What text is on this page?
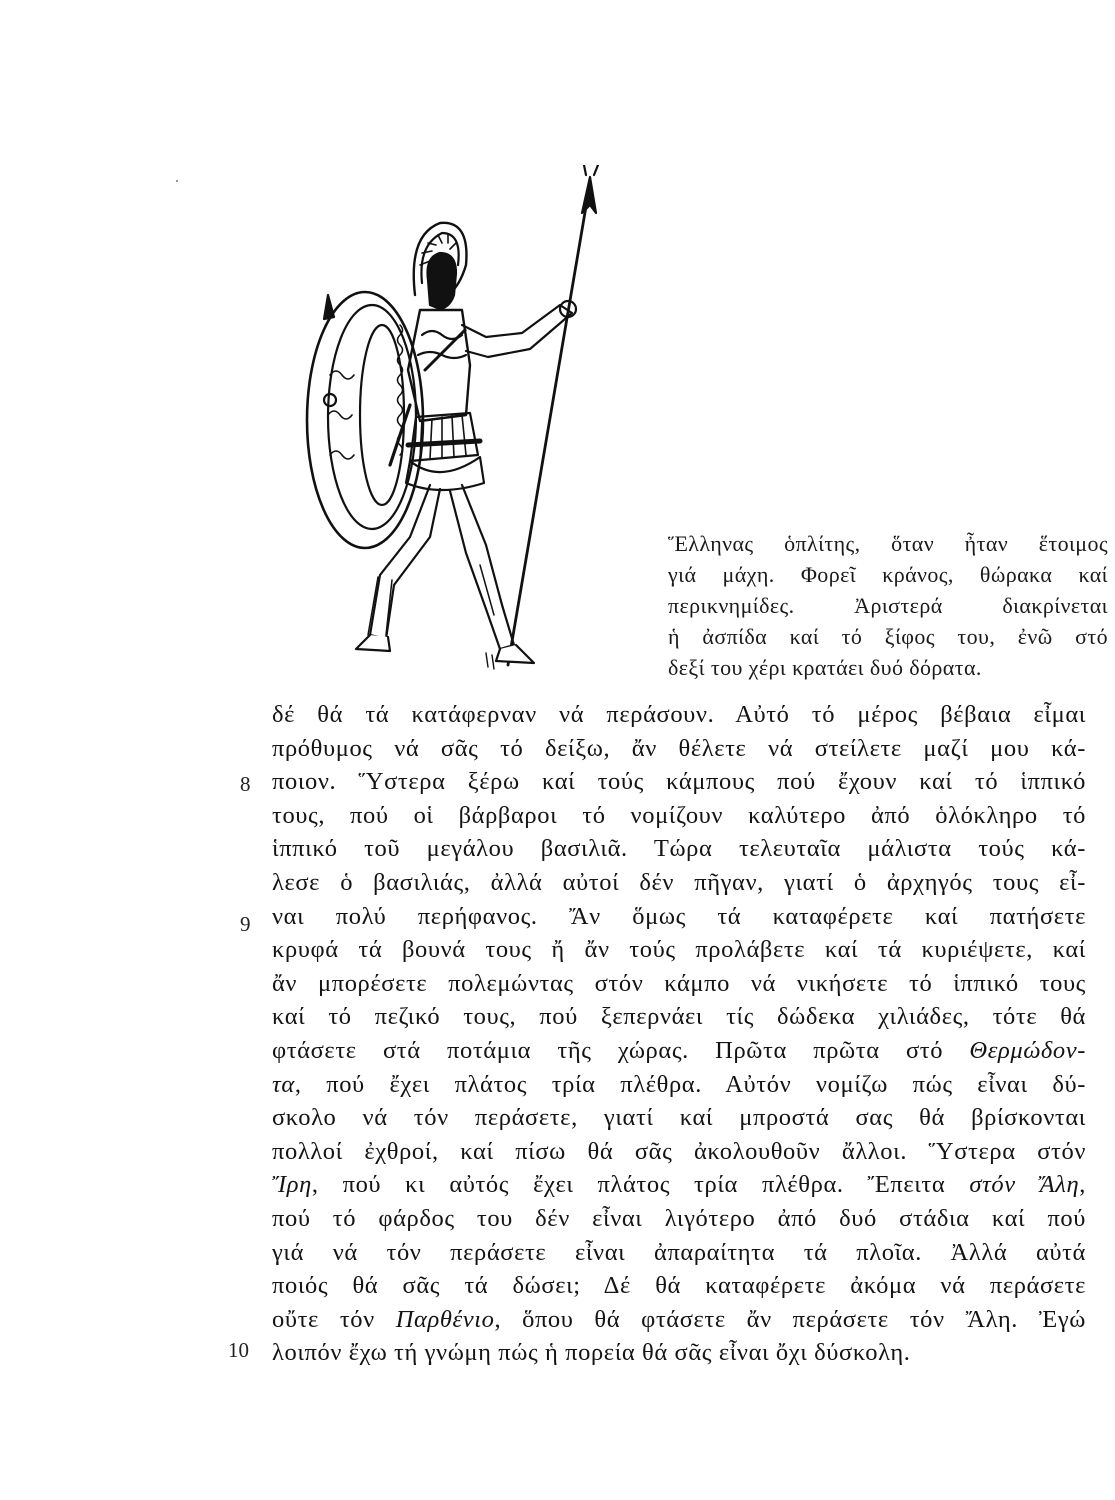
Ἕλληνας ὁπλίτης, ὅταν ἦταν ἕτοιμος
γιά μάχη. Φορεῖ κράνος, θώρακα καί
περικνημίδες. Ἀριστερά διακρίνεται
ἡ ἀσπίδα καί τό ξίφος του, ἐνῶ στό
δεξί του χέρι κρατάει δυό δόρατα.
8
9
10
δέ θά τά κατάφερναν νά περάσουν. Αὐτό τό μέρος βέβαια εἶμαι
πρόθυμος νά σᾶς τό δείξω, ἄν θέλετε νά στείλετε μαζί μου κά-
ποιον. Ὕστερα ξέρω καί τούς κάμπους πού ἔχουν καί τό ἱππικό
τους, πού οἱ βάρβαροι τό νομίζουν καλύτερο ἀπό ὁλόκληρο τό
ἱππικό τοῦ μεγάλου βασιλιᾶ. Τώρα τελευταῖα μάλιστα τούς κά-
λεσε ὁ βασιλιάς, ἀλλά αὐτοί δέν πῆγαν, γιατί ὁ ἀρχηγός τους εἶ-
ναι πολύ περήφανος. Ἄν ὅμως τά καταφέρετε καί πατήσετε
κρυφά τά βουνά τους ἤ ἄν τούς προλάβετε καί τά κυριέψετε, καί
ἄν μπορέσετε πολεμώντας στόν κάμπο νά νικήσετε τό ἱππικό τους
καί τό πεζικό τους, πού ξεπερνάει τίς δώδεκα χιλιάδες, τότε θά
φτάσετε στά ποτάμια τῆς χώρας. Πρῶτα πρῶτα στό Θερμώδον-
τα, πού ἔχει πλάτος τρία πλέθρα. Αὐτόν νομίζω πώς εἶναι δύ-
σκολο νά τόν περάσετε, γιατί καί μπροστά σας θά βρίσκονται
πολλοί ἐχθροί, καί πίσω θά σᾶς ἀκολουθοῦν ἄλλοι. Ὕστερα στόν
Ἴρη, πού κι αὐτός ἔχει πλάτος τρία πλέθρα. Ἔπειτα στόν Ἄλη,
πού τό φάρδος του δέν εἶναι λιγότερο ἀπό δυό στάδια καί πού
γιά νά τόν περάσετε εἶναι ἀπαραίτητα τά πλοῖα. Ἀλλά αὐτά
ποιός θά σᾶς τά δώσει; Δέ θά καταφέρετε ἀκόμα νά περάσετε
οὔτε τόν Παρθένιο, ὅπου θά φτάσετε ἄν περάσετε τόν Ἄλη. Ἐγώ
λοιπόν ἔχω τή γνώμη πώς ἡ πορεία θά σᾶς εἶναι ὄχι δύσκολη.
